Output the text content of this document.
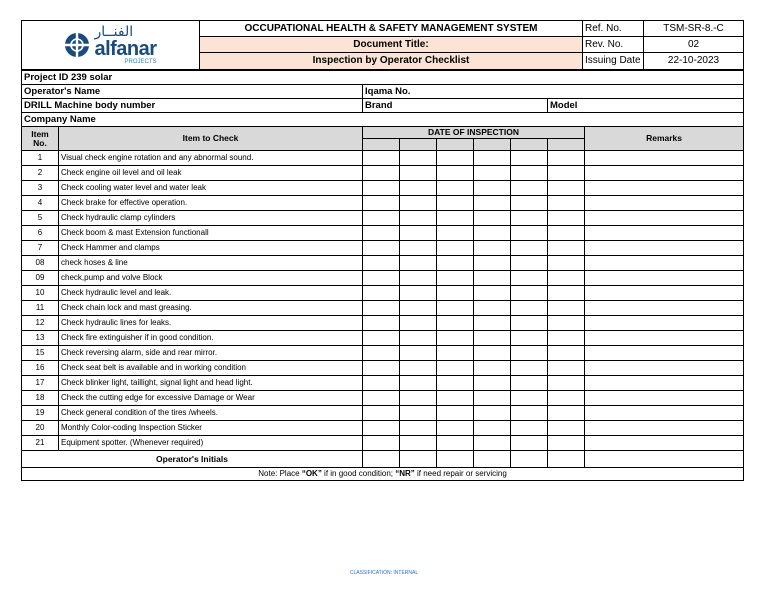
الفنــار
alfanar
PROJECTS	OCCUPATIONAL HEALTH & SAFETY MANAGEMENT SYSTEM	Ref. No.	TSM-SR-8.-C
	Document Title:	Rev. No.	02
	Inspection by Operator Checklist	Issuing Date	22-10-2023
Project ID 239 solar								
Operator's Name		Iqama No.						
DRILL Machine body number		Brand					Model	
Company Name								
Item No.	Item to Check	DATE OF INSPECTION						Remarks

1	Visual check engine rotation and any abnormal sound.							
2	Check engine oil level and oil leak							
3	Check cooling water level and water leak							
4	Check brake for effective operation.							
5	Check hydraulic clamp cylinders							
6	Check boom & mast Extension functionall							
7	Check Hammer and clamps							
08	check hoses & line							
09	check,pump and volve Block							
10	Check hydraulic level and leak.							
11	Check chain lock and mast greasing.							
12	Check hydraulic lines for leaks.							
13	Check fire extinguisher if in good condition.							
15	Check reversing alarm, side and rear mirror.							
16	Check seat belt is available and in working condition							
17	Check blinker light, taillight, signal light and head light.							
18	Check the cutting edge for excessive Damage or Wear							
19	Check general condition of the tires /wheels.							
20	Monthly Color-coding Inspection Sticker							
21	Equipment spotter. (Whenever required)							
Operator's Initials								
Note: Place “OK” if in good condition; “NR” if need repair or servicing								
CLASSIFICATION: INTERNAL
